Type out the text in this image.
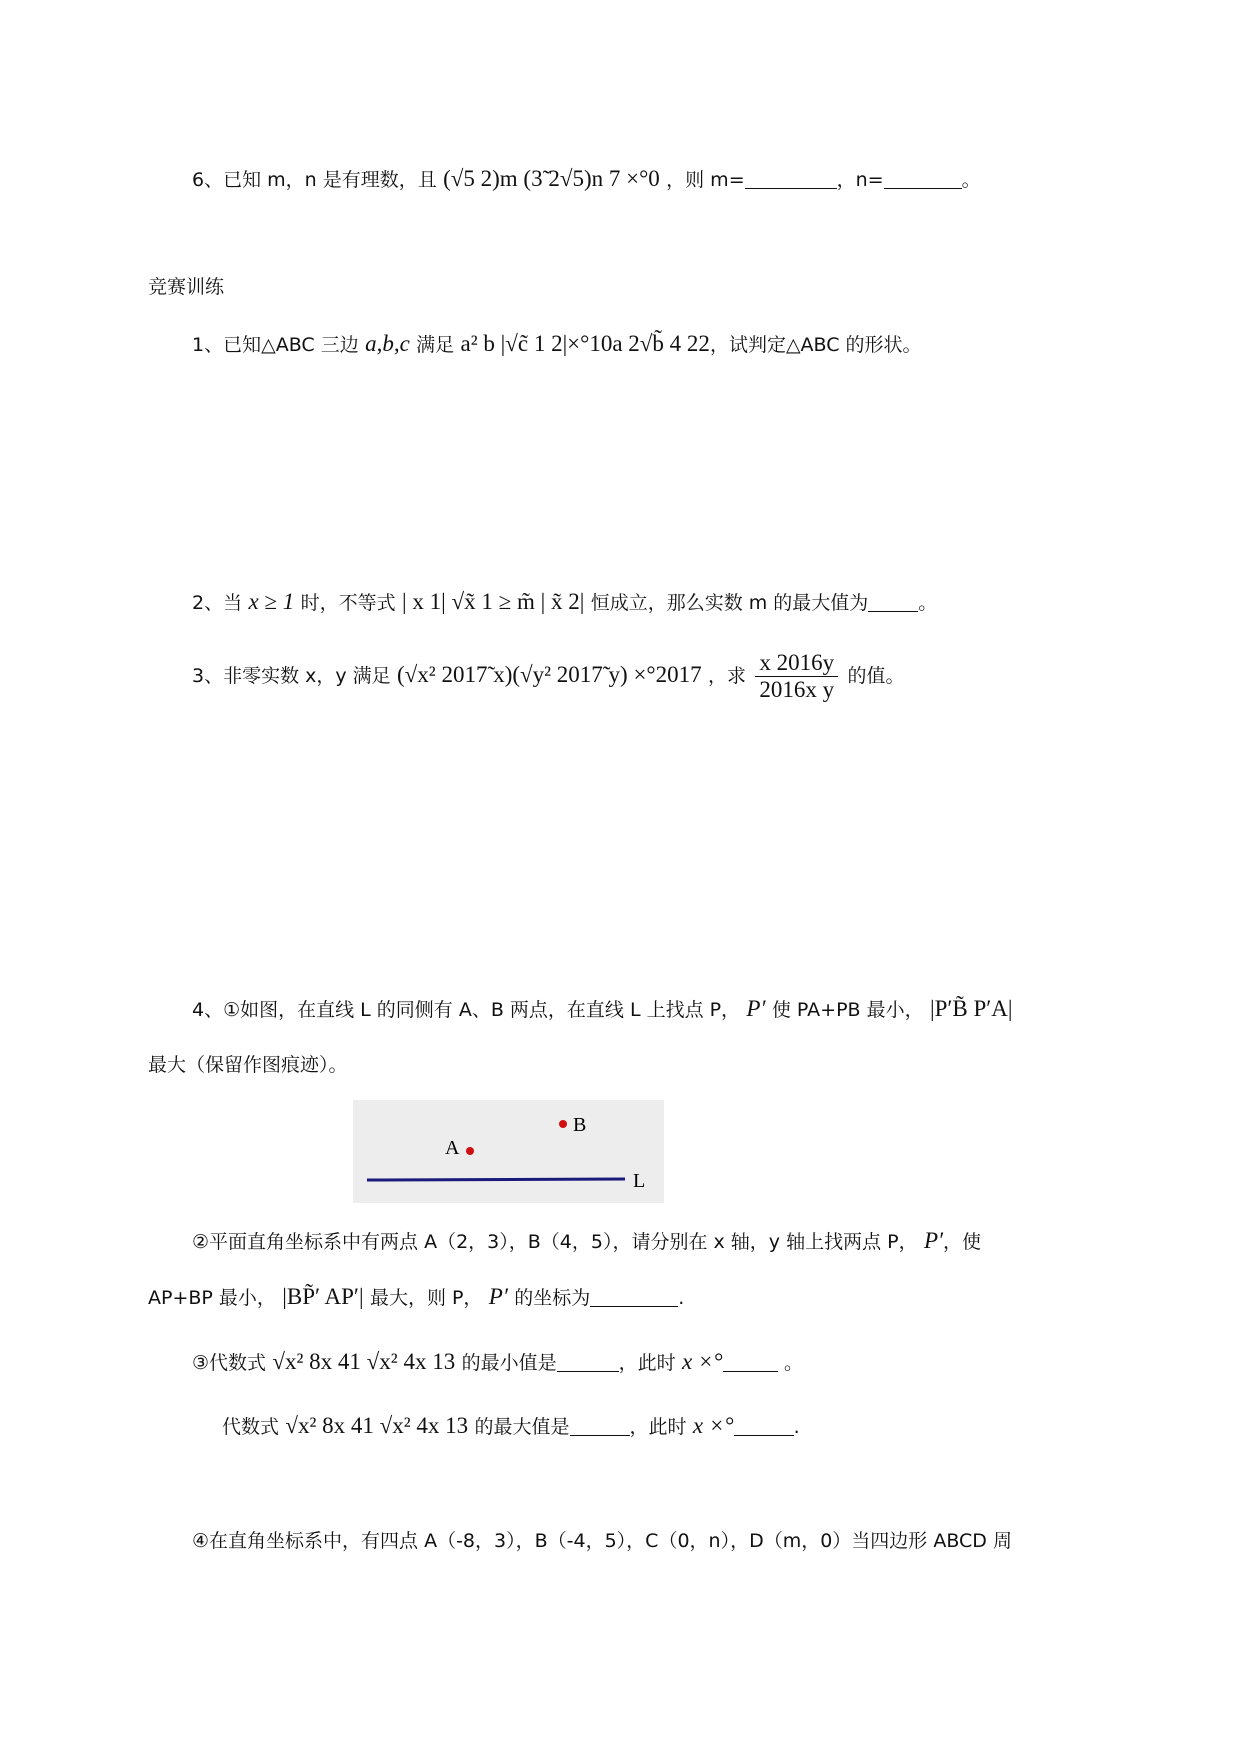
6、已知 m，n 是有理数，且 (√5 2)m (3̃ 2√5)n 7 ×°0 ，则 m=	，n=	。
竞赛训练
1、已知△ABC 三边 a,b,c 满足 a² b |√c̃ 1 2|×°10a 2√b̃ 4 22，试判定△ABC 的形状。
2、当 x ≥ 1 时，不等式 | x 1| √x̃ 1 ≥ m̃ | x̃ 2| 恒成立，那么实数 m 的最大值为	。
3、非零实数 x，y 满足 (√x² 2017̃ x)(√y² 2017̃ y) ×°2017 ，求 $\frac{x 2016y}{\text{2016x y}}$ 的值。
4、①如图，在直线 L 的同侧有 A、B 两点，在直线 L 上找点 P， P′ 使 PA+PB 最小， |P′B̃ P′A|
最大（保留作图痕迹）。
A
B
L
②平面直角坐标系中有两点 A（2，3），B（4，5），请分别在 x 轴，y 轴上找两点 P， P′，使
AP+BP 最小， |BP̃′ AP′| 最大，则 P， P′ 的坐标为	.
③代数式 √x² 8x 41 √x² 4x 13 的最小值是	，此时 x ×°	。
代数式 √x² 8x 41 √x² 4x 13 的最大值是	，此时 x ×°	.
④在直角坐标系中，有四点 A（-8，3），B（-4，5），C（0，n），D（m，0）当四边形 ABCD 周
